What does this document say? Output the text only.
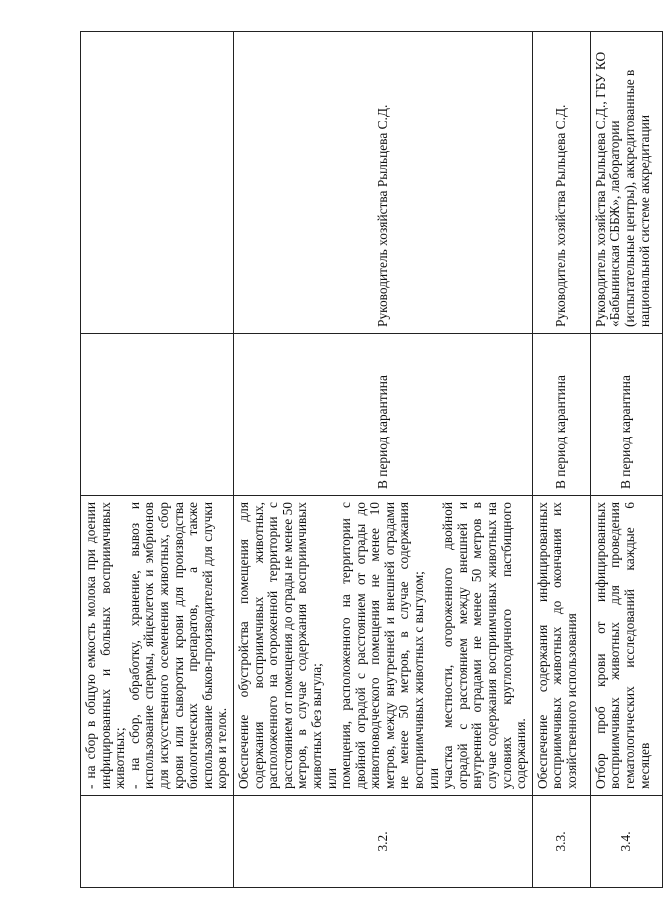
	- на сбор в общую емкость молока при доении инфицированных и больных восприимчивых животных; - на сбор, обработку, хранение, вывоз и использование спермы, яйцеклеток и эмбрионов для искусственного осеменения животных, сбор крови или сыворотки крови для производства биологических препаратов, а также использование быков-производителей для случки коров и телок.		

3.2.	Обеспечение обустройства помещения для содержания восприимчивых животных, расположенного на огороженной территории с расстоянием от помещения до ограды не менее 50 метров, в случае содержания восприимчивых животных без выгула; или помещения, расположенного на территории с двойной оградой с расстоянием от ограды до животноводческого помещения не менее 10 метров, между внутренней и внешней оградами не менее 50 метров, в случае содержания восприимчивых животных с выгулом; или участка местности, огороженного двойной оградой с расстоянием между внешней и внутренней оградами не менее 50 метров в случае содержания восприимчивых животных на условиях круглогодичного пастбищного содержания.	В период карантина	Руководитель хозяйства Рыльцева С.Д.
3.3.	Обеспечение содержания инфицированных восприимчивых животных до окончания их хозяйственного использования	В период карантина	Руководитель хозяйства Рыльцева С.Д.
3.4.	Отбор проб крови от инфицированных восприимчивых животных для проведения гематологических исследований каждые 6 месяцев	В период карантина	Руководитель хозяйства Рыльцева С.Д., ГБУ КО «Бабынинская СББЖ», лаборатории (испытательные центры), аккредитованные в национальной системе аккредитации
